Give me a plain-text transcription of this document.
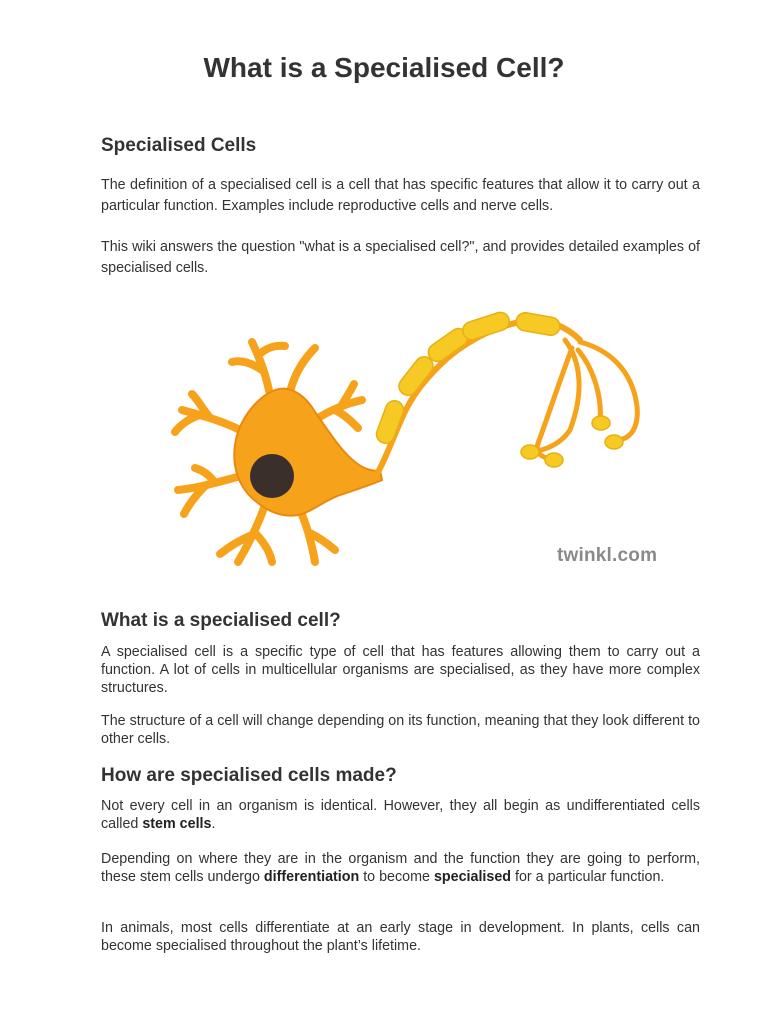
What is a Specialised Cell?
Specialised Cells

The definition of a specialised cell is a cell that has specific features that allow it to carry out a particular function. Examples include reproductive cells and nerve cells.

This wiki answers the question "what is a specialised cell?", and provides detailed examples of specialised cells.

twinkl.com
What is a specialised cell?

A specialised cell is a specific type of cell that has features allowing them to carry out a function. A lot of cells in multicellular organisms are specialised, as they have more complex structures.

The structure of a cell will change depending on its function, meaning that they look different to other cells.

How are specialised cells made?

Not every cell in an organism is identical. However, they all begin as undifferentiated cells called stem cells.

Depending on where they are in the organism and the function they are going to perform, these stem cells undergo differentiation to become specialised for a particular function.

In animals, most cells differentiate at an early stage in development. In plants, cells can become specialised throughout the plant’s lifetime.
